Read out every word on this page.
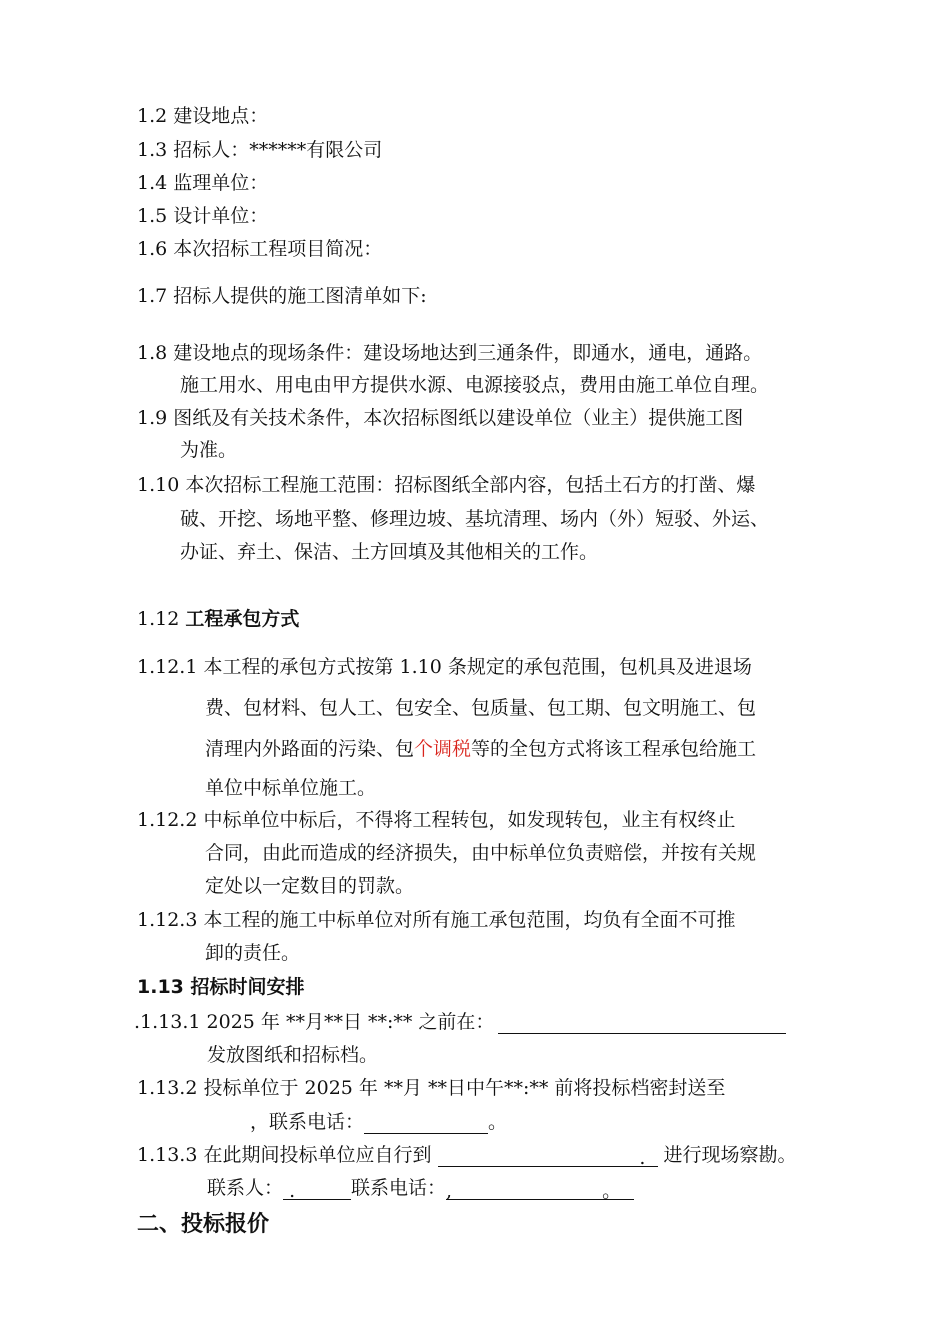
1.2 建设地点：
1.3 招标人：******有限公司
1.4 监理单位：
1.5 设计单位：
1.6 本次招标工程项目简况：
1.7 招标人提供的施工图清单如下:
1.8 建设地点的现场条件：建设场地达到三通条件，即通水，通电，通路。
施工用水、用电由甲方提供水源、电源接驳点，费用由施工单位自理。
1.9 图纸及有关技术条件，本次招标图纸以建设单位（业主）提供施工图
为准。
1.10 本次招标工程施工范围：招标图纸全部内容，包括土石方的打凿、爆
破、开挖、场地平整、修理边坡、基坑清理、场内（外）短驳、外运、
办证、弃土、保洁、土方回填及其他相关的工作。
1.12 工程承包方式
1.12.1 本工程的承包方式按第 1.10 条规定的承包范围，包机具及进退场
费、包材料、包人工、包安全、包质量、包工期、包文明施工、包
清理内外路面的污染、包个调税等的全包方式将该工程承包给施工
单位中标单位施工。
1.12.2 中标单位中标后，不得将工程转包，如发现转包，业主有权终止
合同，由此而造成的经济损失，由中标单位负责赔偿，并按有关规
定处以一定数目的罚款。
1.12.3 本工程的施工中标单位对所有施工承包范围，均负有全面不可推
卸的责任。
1.13 招标时间安排
.1.13.1 2025 年 **月**日 **:** 之前在：
发放图纸和招标档。
1.13.2 投标单位于 2025 年 **月 **日中午**:** 前将投标档密封送至
，联系电话：	。
1.13.3 在此期间投标单位应自行到	.   进行现场察勘。
联系人： .	联系电话：,	。
二、投标报价
